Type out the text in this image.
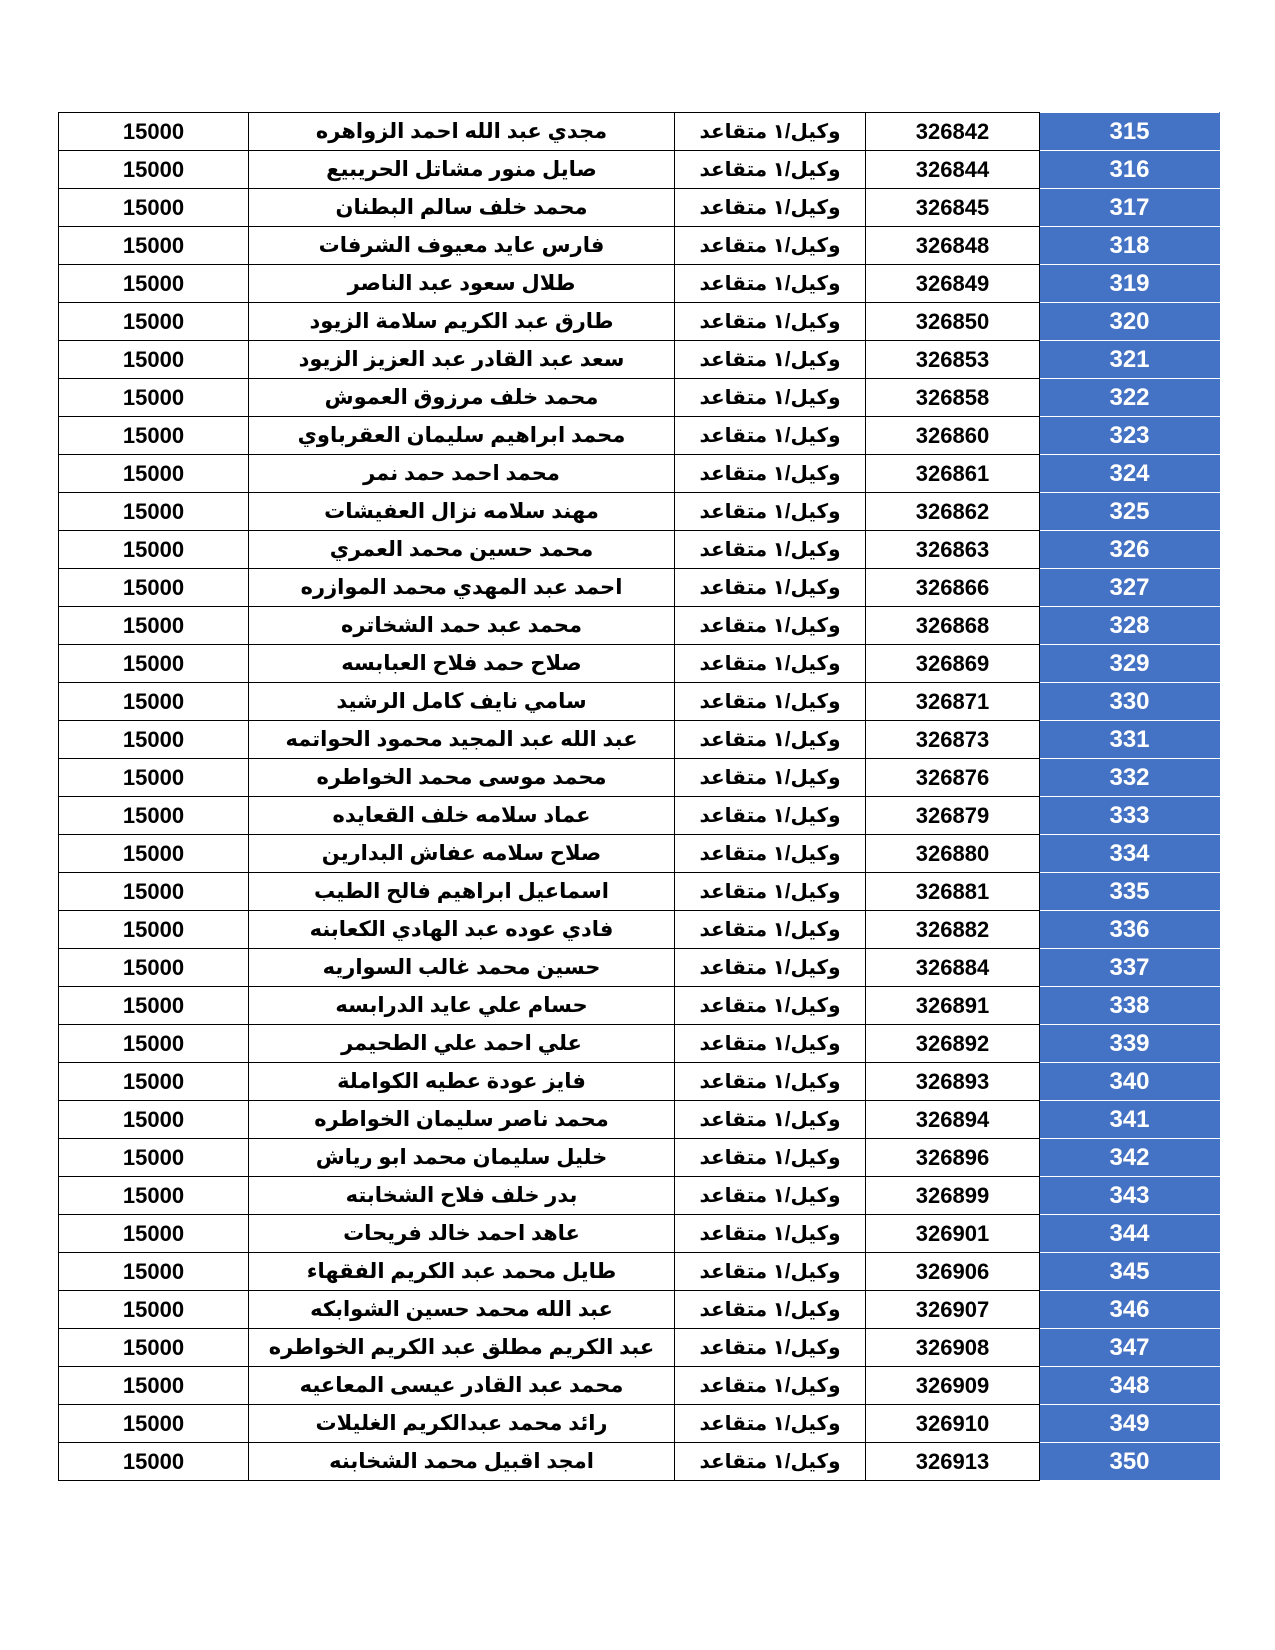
15000	مجدي عبد الله احمد الزواهره	وكيل/١ متقاعد	326842	315
15000	صايل منور مشاتل الحريبيع	وكيل/١ متقاعد	326844	316
15000	محمد خلف سالم البطنان	وكيل/١ متقاعد	326845	317
15000	فارس عايد معيوف الشرفات	وكيل/١ متقاعد	326848	318
15000	طلال سعود عبد الناصر	وكيل/١ متقاعد	326849	319
15000	طارق عبد الكريم سلامة الزيود	وكيل/١ متقاعد	326850	320
15000	سعد عبد القادر عبد العزيز الزيود	وكيل/١ متقاعد	326853	321
15000	محمد خلف مرزوق العموش	وكيل/١ متقاعد	326858	322
15000	محمد ابراهيم سليمان العقرباوي	وكيل/١ متقاعد	326860	323
15000	محمد احمد حمد نمر	وكيل/١ متقاعد	326861	324
15000	مهند سلامه نزال العفيشات	وكيل/١ متقاعد	326862	325
15000	محمد حسين محمد العمري	وكيل/١ متقاعد	326863	326
15000	احمد عبد المهدي محمد الموازره	وكيل/١ متقاعد	326866	327
15000	محمد عبد حمد الشخاتره	وكيل/١ متقاعد	326868	328
15000	صلاح حمد فلاح العبابسه	وكيل/١ متقاعد	326869	329
15000	سامي نايف كامل الرشيد	وكيل/١ متقاعد	326871	330
15000	عبد الله عبد المجيد محمود الحواتمه	وكيل/١ متقاعد	326873	331
15000	محمد موسى محمد الخواطره	وكيل/١ متقاعد	326876	332
15000	عماد سلامه خلف القعايده	وكيل/١ متقاعد	326879	333
15000	صلاح سلامه عفاش البدارين	وكيل/١ متقاعد	326880	334
15000	اسماعيل ابراهيم فالح الطيب	وكيل/١ متقاعد	326881	335
15000	فادي عوده عبد الهادي الكعابنه	وكيل/١ متقاعد	326882	336
15000	حسين محمد غالب السواريه	وكيل/١ متقاعد	326884	337
15000	حسام علي عايد الدرابسه	وكيل/١ متقاعد	326891	338
15000	علي احمد علي الطحيمر	وكيل/١ متقاعد	326892	339
15000	فايز عودة عطيه الكواملة	وكيل/١ متقاعد	326893	340
15000	محمد ناصر سليمان الخواطره	وكيل/١ متقاعد	326894	341
15000	خليل سليمان محمد ابو رياش	وكيل/١ متقاعد	326896	342
15000	بدر خلف فلاح الشخابته	وكيل/١ متقاعد	326899	343
15000	عاهد احمد خالد فريحات	وكيل/١ متقاعد	326901	344
15000	طايل محمد عبد الكريم الفقهاء	وكيل/١ متقاعد	326906	345
15000	عبد الله محمد حسين الشوابكه	وكيل/١ متقاعد	326907	346
15000	عبد الكريم مطلق عبد الكريم الخواطره	وكيل/١ متقاعد	326908	347
15000	محمد عبد القادر عيسى المعاعيه	وكيل/١ متقاعد	326909	348
15000	رائد محمد عبدالكريم الغليلات	وكيل/١ متقاعد	326910	349
15000	امجد اقبيل محمد الشخابنه	وكيل/١ متقاعد	326913	350
